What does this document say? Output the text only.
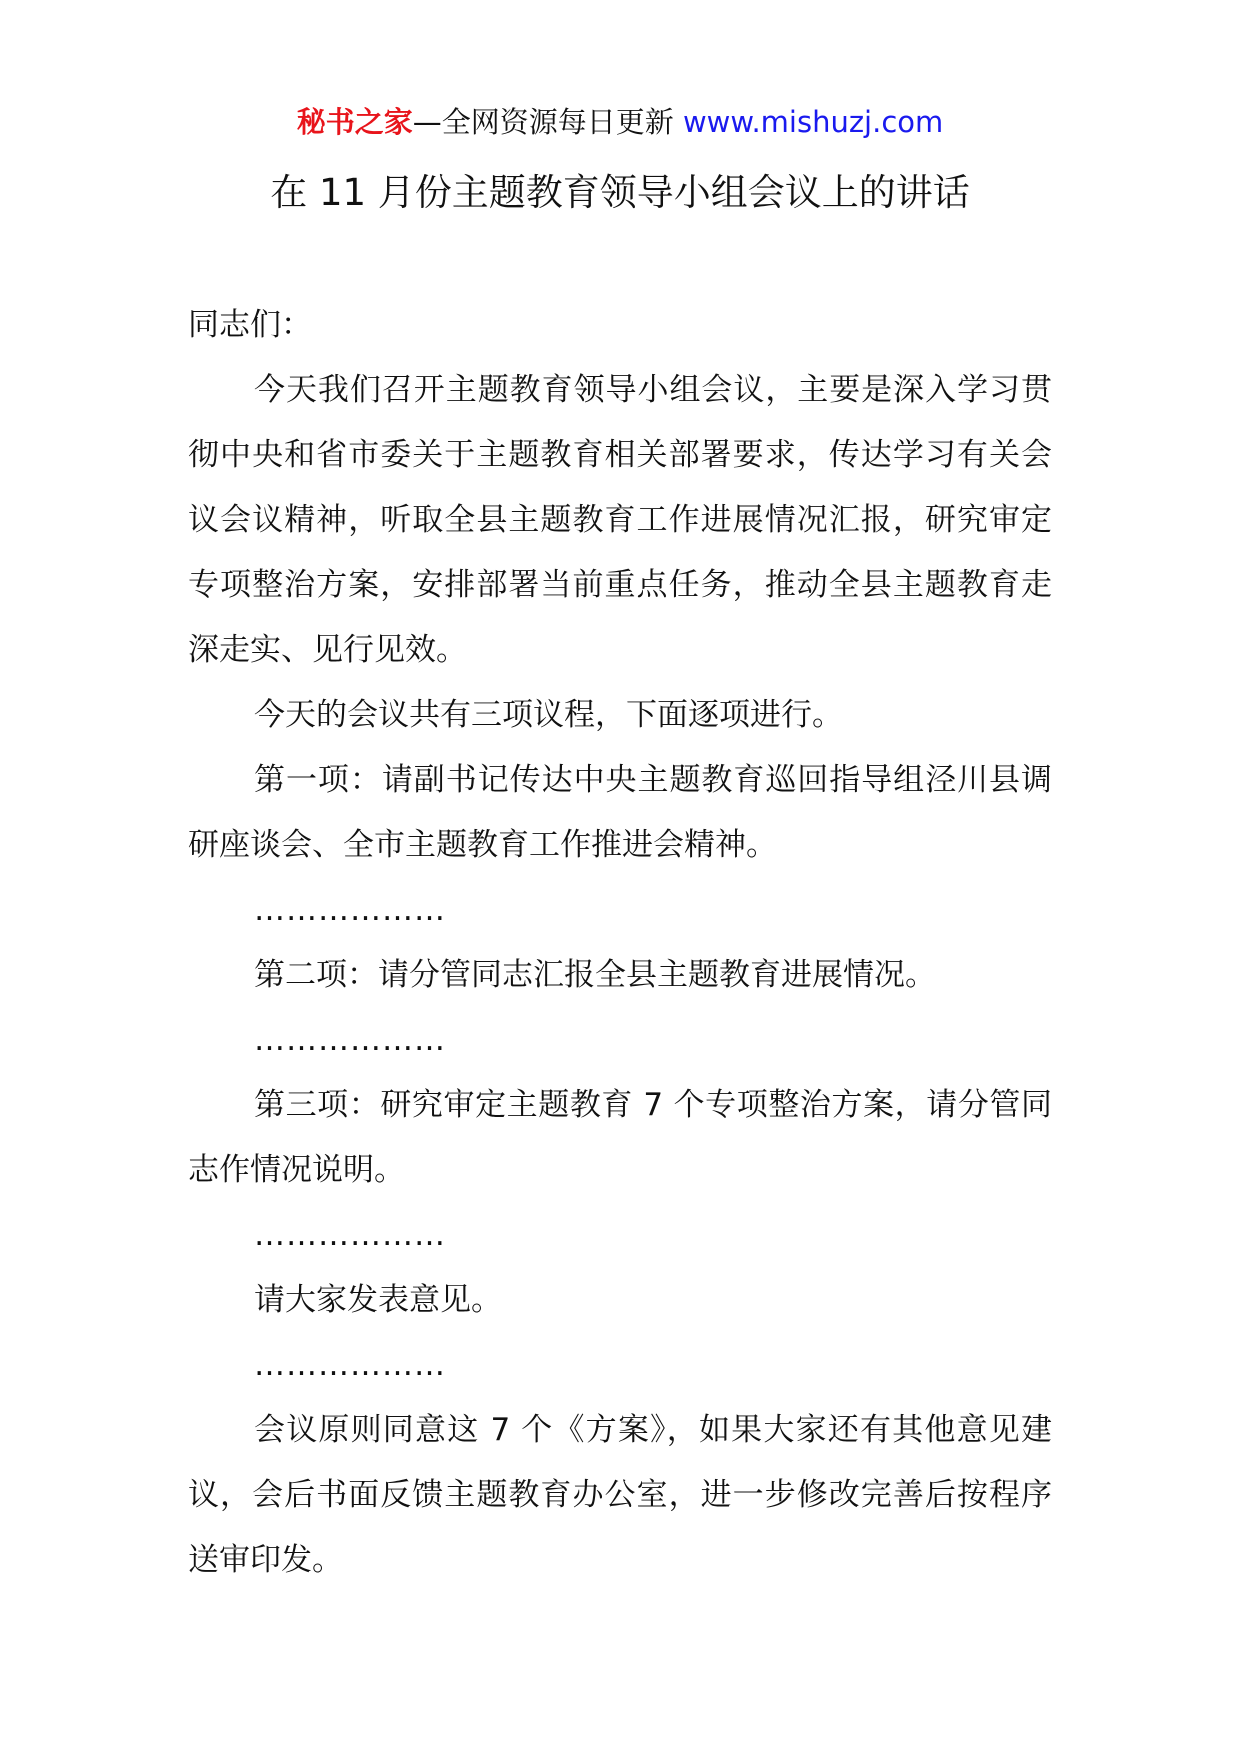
秘书之家—全网资源每日更新 www.mishuzj.com
在 11 月份主题教育领导小组会议上的讲话

同志们：

今天我们召开主题教育领导小组会议，主要是深入学习贯彻中央和省市委关于主题教育相关部署要求，传达学习有关会议会议精神，听取全县主题教育工作进展情况汇报，研究审定专项整治方案，安排部署当前重点任务，推动全县主题教育走深走实、见行见效。

今天的会议共有三项议程，下面逐项进行。

第一项：请副书记传达中央主题教育巡回指导组泾川县调研座谈会、全市主题教育工作推进会精神。

………………

第二项：请分管同志汇报全县主题教育进展情况。

………………

第三项：研究审定主题教育 7 个专项整治方案，请分管同志作情况说明。

………………

请大家发表意见。

………………

会议原则同意这 7 个《方案》，如果大家还有其他意见建议，会后书面反馈主题教育办公室，进一步修改完善后按程序送审印发。
